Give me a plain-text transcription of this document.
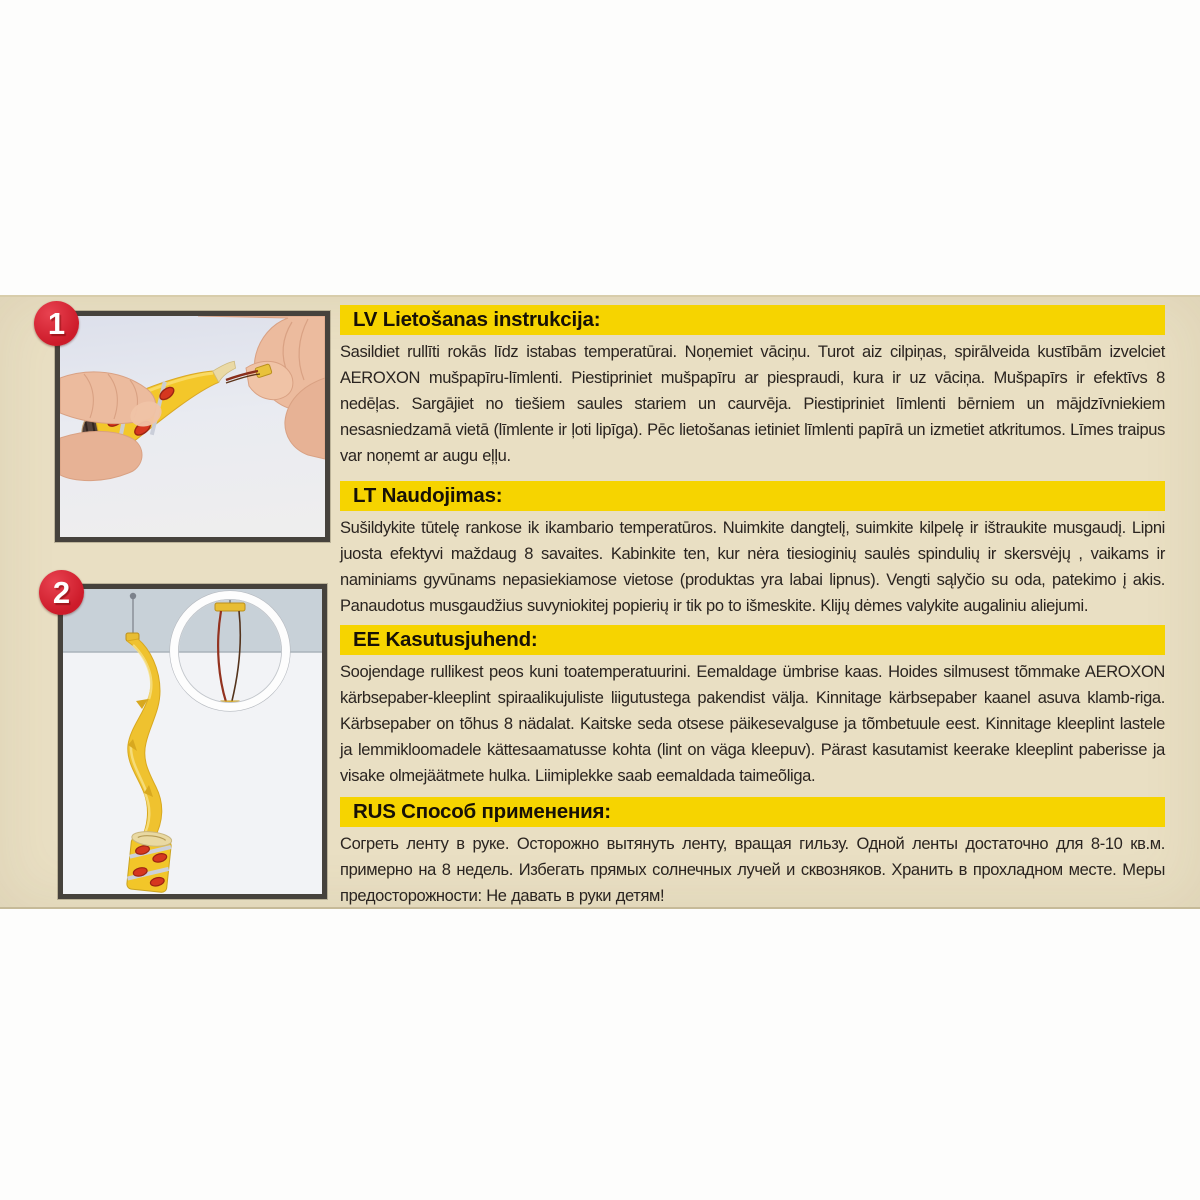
1
2
LV Lietošanas instrukcija:

Sasildiet rullīti rokās līdz istabas temperatūrai. Noņemiet vāciņu. Turot aiz cilpiņas, spirālveida kustībām izvelciet AEROXON mušpapīru-līmlenti. Piestipriniet mušpapīru ar piespraudi, kura ir uz vāciņa. Mušpapīrs ir efektīvs 8 nedēļas. Sargājiet no tiešiem saules stariem un caurvēja. Piestipriniet līmlenti bērniem un mājdzīvniekiem nesasniedzamā vietā (līmlente ir ļoti lipīga). Pēc lietošanas ietiniet līmlenti papīrā un izmetiet atkritumos. Līmes traipus var noņemt ar augu eļļu.

LT Naudojimas:

Sušildykite tūtelę rankose ik ikambario temperatūros. Nuimkite dangtelį, suimkite kilpelę ir ištraukite musgaudį. Lipni juosta efektyvi maždaug 8 savaites. Kabinkite ten, kur nėra tiesioginių saulės spindulių ir skersvėjų , vaikams ir naminiams gyvūnams nepasiekiamose vietose (produktas yra labai lipnus). Vengti sąlyčio su oda, patekimo į akis. Panaudotus musgaudžius suvyniokitej popierių ir tik po to išmeskite. Klijų dėmes valykite augaliniu aliejumi.

EE Kasutusjuhend:

Soojendage rullikest peos kuni toatemperatuurini. Eemaldage ümbrise kaas. Hoides silmusest tõmmake AEROXON kärbsepaber-kleeplint spiraalikujuliste liigutustega pakendist välja. Kinnitage kärbsepaber kaanel asuva klamb-riga. Kärbsepaber on tõhus 8 nädalat. Kaitske seda otsese päikesevalguse ja tõmbetuule eest. Kinnitage kleeplint lastele ja lemmikloomadele kättesaamatusse kohta (lint on väga kleepuv). Pärast kasutamist keerake kleeplint paberisse ja visake olmejäätmete hulka. Liimiplekke saab eemaldada taimeõliga.

RUS Способ применения:

Согреть ленту в руке. Осторожно вытянуть ленту, вращая гильзу. Одной ленты достаточно для 8-10 кв.м. примерно на 8 недель. Избегать прямых солнечных лучей и сквозняков. Хранить в прохладном месте. Меры предосторожности: Не давать в руки детям!
